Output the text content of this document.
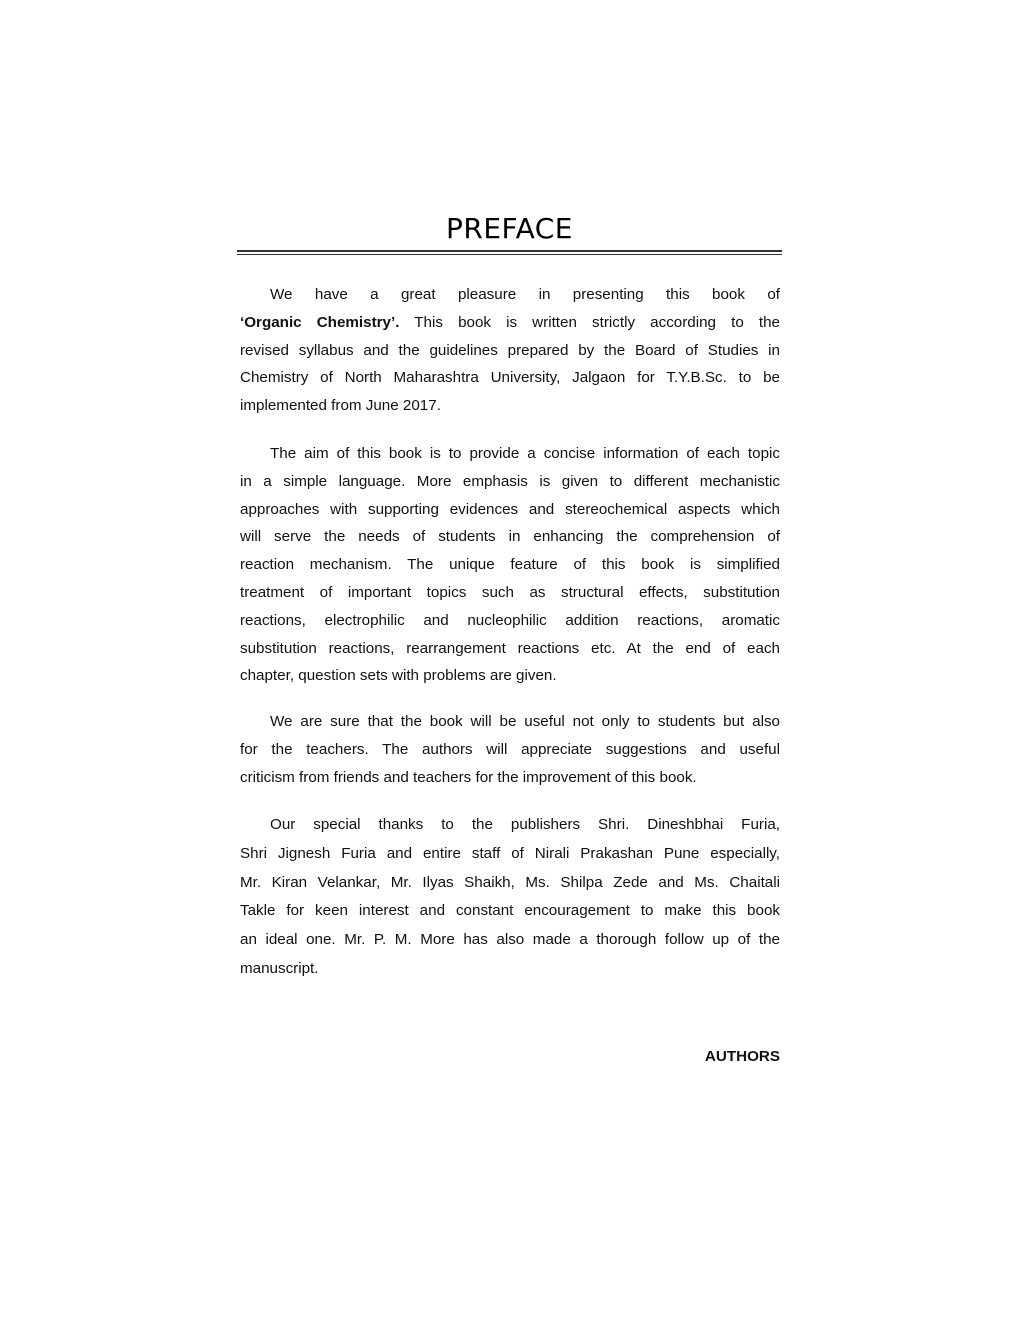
PREFACE
We have a great pleasure in presenting this book of
‘Organic Chemistry’. This book is written strictly according to the
revised syllabus and the guidelines prepared by the Board of Studies in
Chemistry of North Maharashtra University, Jalgaon for T.Y.B.Sc. to be
implemented from June 2017.
The aim of this book is to provide a concise information of each topic
in a simple language. More emphasis is given to different mechanistic
approaches with supporting evidences and stereochemical aspects which
will serve the needs of students in enhancing the comprehension of
reaction mechanism. The unique feature of this book is simplified
treatment of important topics such as structural effects, substitution
reactions, electrophilic and nucleophilic addition reactions, aromatic
substitution reactions, rearrangement reactions etc. At the end of each
chapter, question sets with problems are given.
We are sure that the book will be useful not only to students but also
for the teachers. The authors will appreciate suggestions and useful
criticism from friends and teachers for the improvement of this book.
Our special thanks to the publishers Shri. Dineshbhai Furia,
Shri Jignesh Furia and entire staff of Nirali Prakashan Pune especially,
Mr. Kiran Velankar, Mr. Ilyas Shaikh, Ms. Shilpa Zede and Ms. Chaitali
Takle for keen interest and constant encouragement to make this book
an ideal one. Mr. P. M. More has also made a thorough follow up of the
manuscript.
AUTHORS
